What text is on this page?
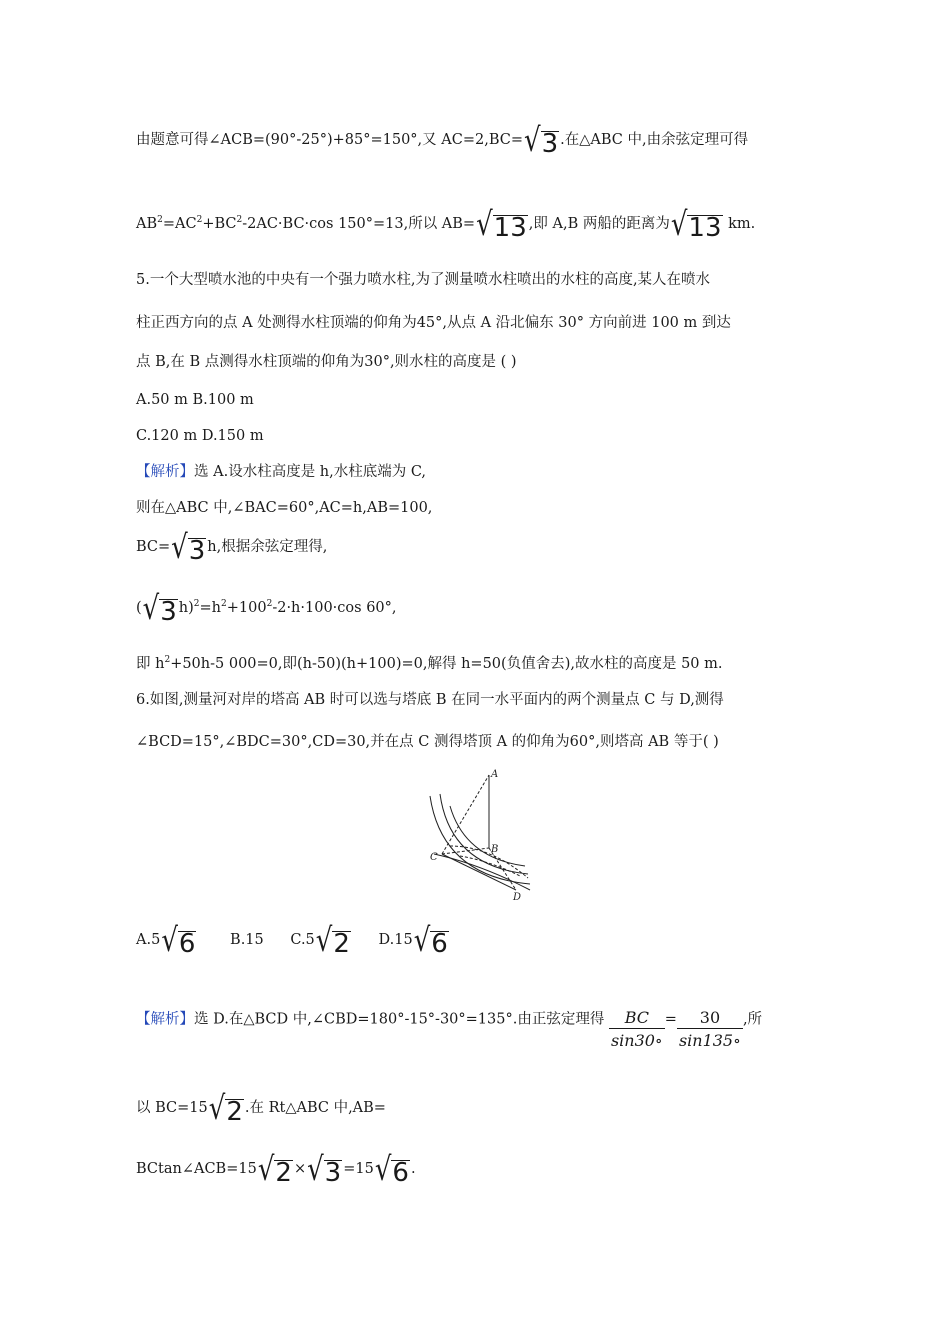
由题意可得∠ACB=(90°-25°)+85°=150°,又 AC=2,BC=√3 .在△ABC 中,由余弦定理可得
$AB^2=AC^2+BC^2-2AC\cdot BC\cdot\cos$ 150°=13,所以 AB=√13 ,即 A,B 两船的距离为√13 km.
5.一个大型喷水池的中央有一个强力喷水柱,为了测量喷水柱喷出的水柱的高度,某人在喷水
柱正西方向的点 A 处测得水柱顶端的仰角为45°,从点 A 沿北偏东 30° 方向前进 100 m 到达
点 B,在 B 点测得水柱顶端的仰角为30°,则水柱的高度是 ( )
A.50 m B.100 m
C.120 m D.150 m
【解析】选 A.设水柱高度是 h,水柱底端为 C,
则在△ABC 中,∠BAC=60°,AC=h,AB=100,
BC=√3 h,根据余弦定理得,
(√3 $h)^2=h^2+100^2-2\cdot h\cdot 100\cdot\cos$ 60°,
即 $h^2+50h-5$ 000=0,即(h-50)(h+100)=0,解得 h=50(负值舍去),故水柱的高度是 50 m.
6.如图,测量河对岸的塔高 AB 时可以选与塔底 B 在同一水平面内的两个测量点 C 与 D,测得
∠BCD=15°,∠BDC=30°,CD=30,并在点 C 测得塔顶 A 的仰角为60°,则塔高 AB 等于( )
A
B
C
D
A.5√6 B.15 C.5√2 D.15√6
【解析】选 D.在△BCD 中,∠CBD=180°-15°-30°=135°.由正弦定理得 $\frac{BC}{\sin 30\circ} = \frac{30}{\sin 135\circ}$ ,所
以 BC=15√2 .在 Rt△ABC 中,AB=
BCtan∠ACB=15√2 ×√3 =15√6 .
